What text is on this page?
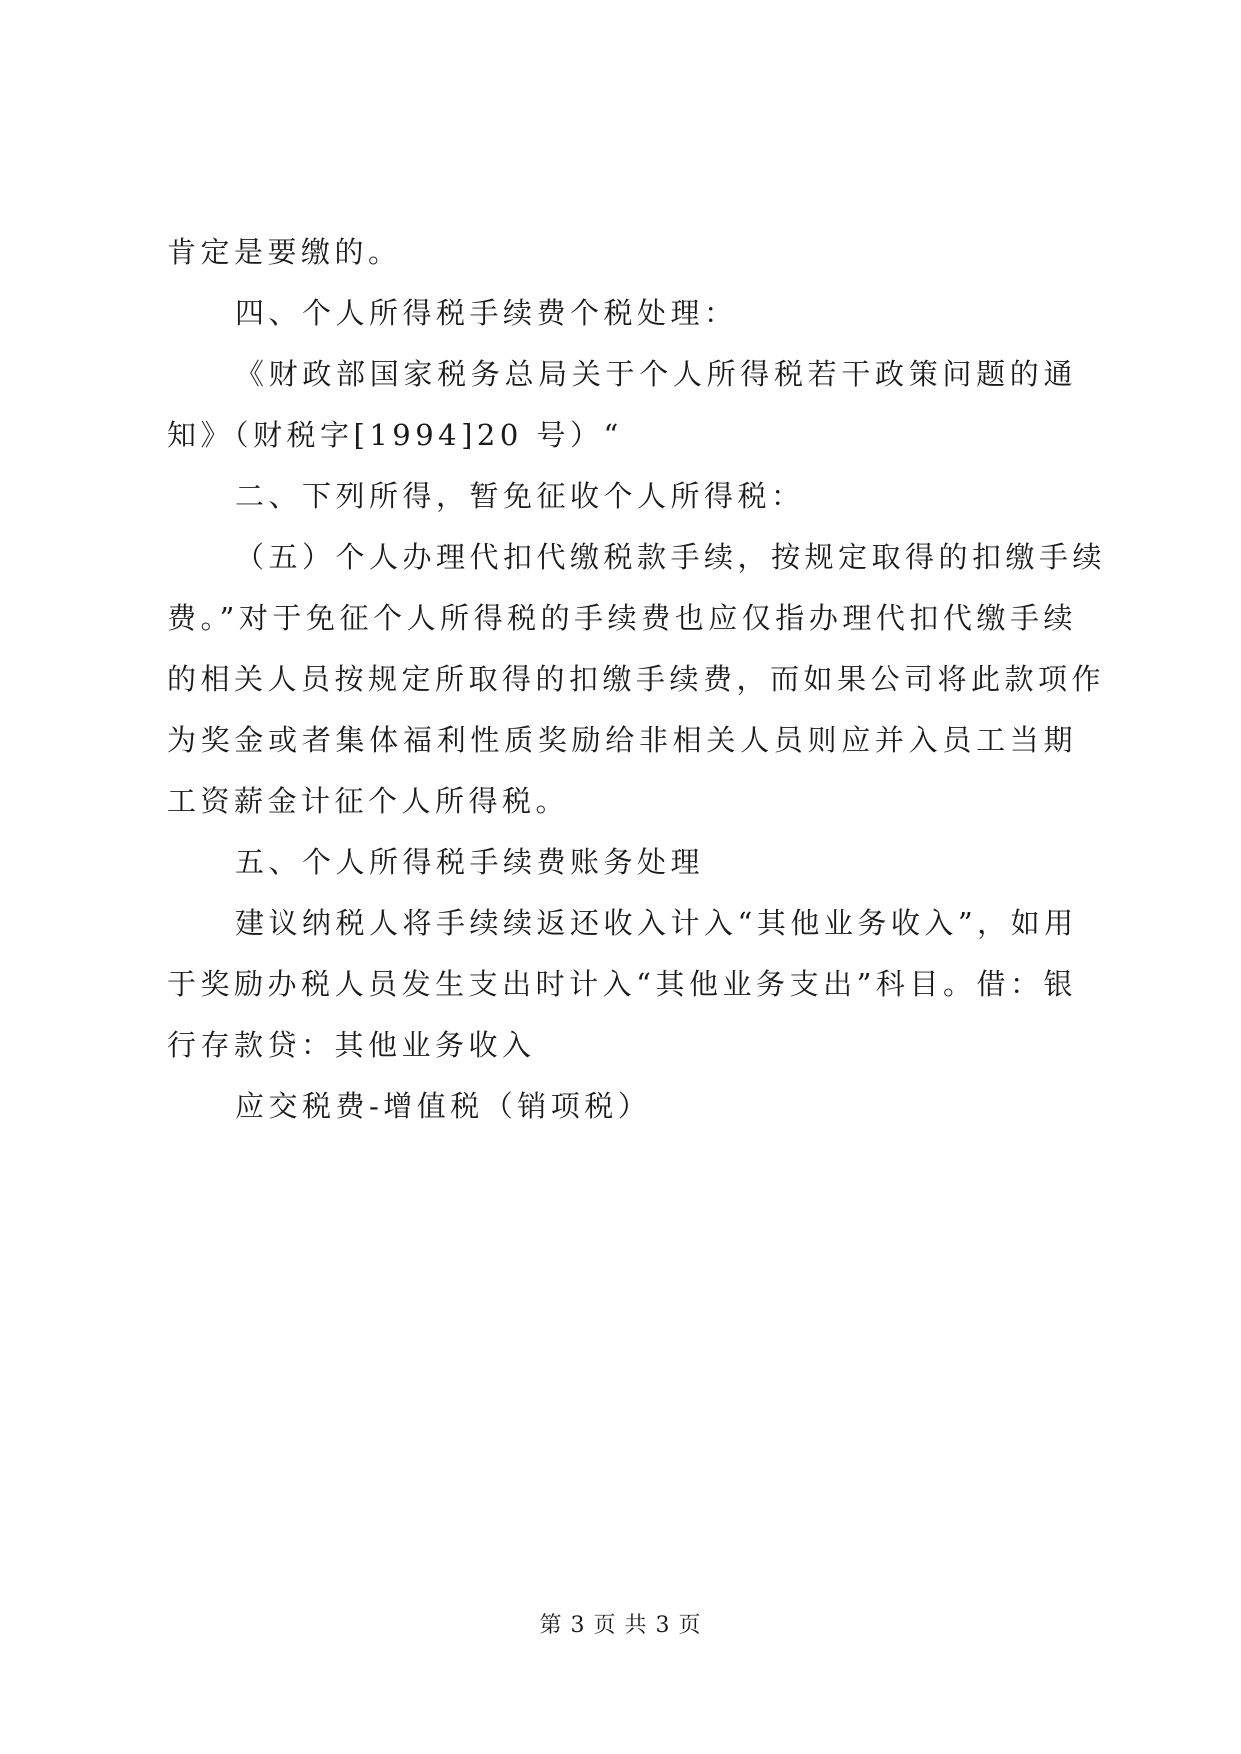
肯定是要缴的。
四、个人所得税手续费个税处理：
《财政部国家税务总局关于个人所得税若干政策问题的通
知》（财税字[1994]20 号）“
二、下列所得，暂免征收个人所得税：
（五）个人办理代扣代缴税款手续，按规定取得的扣缴手续
费。”对于免征个人所得税的手续费也应仅指办理代扣代缴手续
的相关人员按规定所取得的扣缴手续费，而如果公司将此款项作
为奖金或者集体福利性质奖励给非相关人员则应并入员工当期
工资薪金计征个人所得税。
五、个人所得税手续费账务处理
建议纳税人将手续续返还收入计入“其他业务收入”，如用
于奖励办税人员发生支出时计入“其他业务支出”科目。借：银
行存款贷：其他业务收入
应交税费-增值税（销项税）
第 3 页 共 3 页
